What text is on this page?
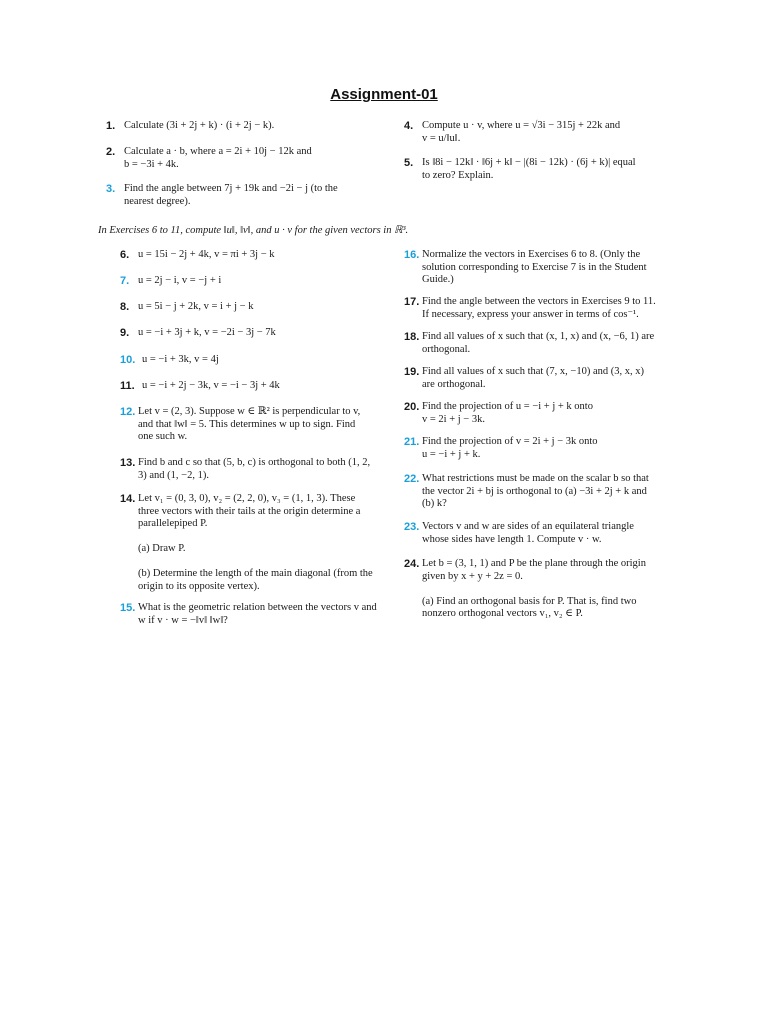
Assignment-01
1. Calculate (3i + 2j + k) · (i + 2j − k).
2. Calculate a · b, where a = 2i + 10j − 12k and
b = −3i + 4k.
3. Find the angle between 7j + 19k and −2i − j (to the
nearest degree).
4. Compute u · v, where u = √3i − 315j + 22k and
v = u/‖u‖.
5. Is ‖8i − 12k‖ · ‖6j + k‖ − |(8i − 12k) · (6j + k)| equal
to zero? Explain.
In Exercises 6 to 11, compute ‖u‖, ‖v‖, and u · v for the given vectors in ℝ³.
6. u = 15i − 2j + 4k, v = πi + 3j − k
7. u = 2j − i, v = −j + i
8. u = 5i − j + 2k, v = i + j − k
9. u = −i + 3j + k, v = −2i − 3j − 7k
10. u = −i + 3k, v = 4j
11. u = −i + 2j − 3k, v = −i − 3j + 4k
12. Let v = (2, 3). Suppose w ∈ ℝ² is perpendicular to v,
and that ‖w‖ = 5. This determines w up to sign. Find
one such w.
13. Find b and c so that (5, b, c) is orthogonal to both (1, 2,
3) and (1, −2, 1).
14. Let v₁ = (0, 3, 0), v₂ = (2, 2, 0), v₃ = (1, 1, 3). These
three vectors with their tails at the origin determine a
parallelepiped P.

(a) Draw P.

(b) Determine the length of the main diagonal (from the
origin to its opposite vertex).
15. What is the geometric relation between the vectors v and
w if v · w = −‖v‖ ‖w‖?
16. Normalize the vectors in Exercises 6 to 8. (Only the
solution corresponding to Exercise 7 is in the Student
Guide.)
17. Find the angle between the vectors in Exercises 9 to 11.
If necessary, express your answer in terms of cos⁻¹.
18. Find all values of x such that (x, 1, x) and (x, −6, 1) are
orthogonal.
19. Find all values of x such that (7, x, −10) and (3, x, x)
are orthogonal.
20. Find the projection of u = −i + j + k onto
v = 2i + j − 3k.
21. Find the projection of v = 2i + j − 3k onto
u = −i + j + k.
22. What restrictions must be made on the scalar b so that
the vector 2i + bj is orthogonal to (a) −3i + 2j + k and
(b) k?
23. Vectors v and w are sides of an equilateral triangle
whose sides have length 1. Compute v · w.
24. Let b = (3, 1, 1) and P be the plane through the origin
given by x + y + 2z = 0.

(a) Find an orthogonal basis for P. That is, find two
nonzero orthogonal vectors v₁, v₂ ∈ P.
